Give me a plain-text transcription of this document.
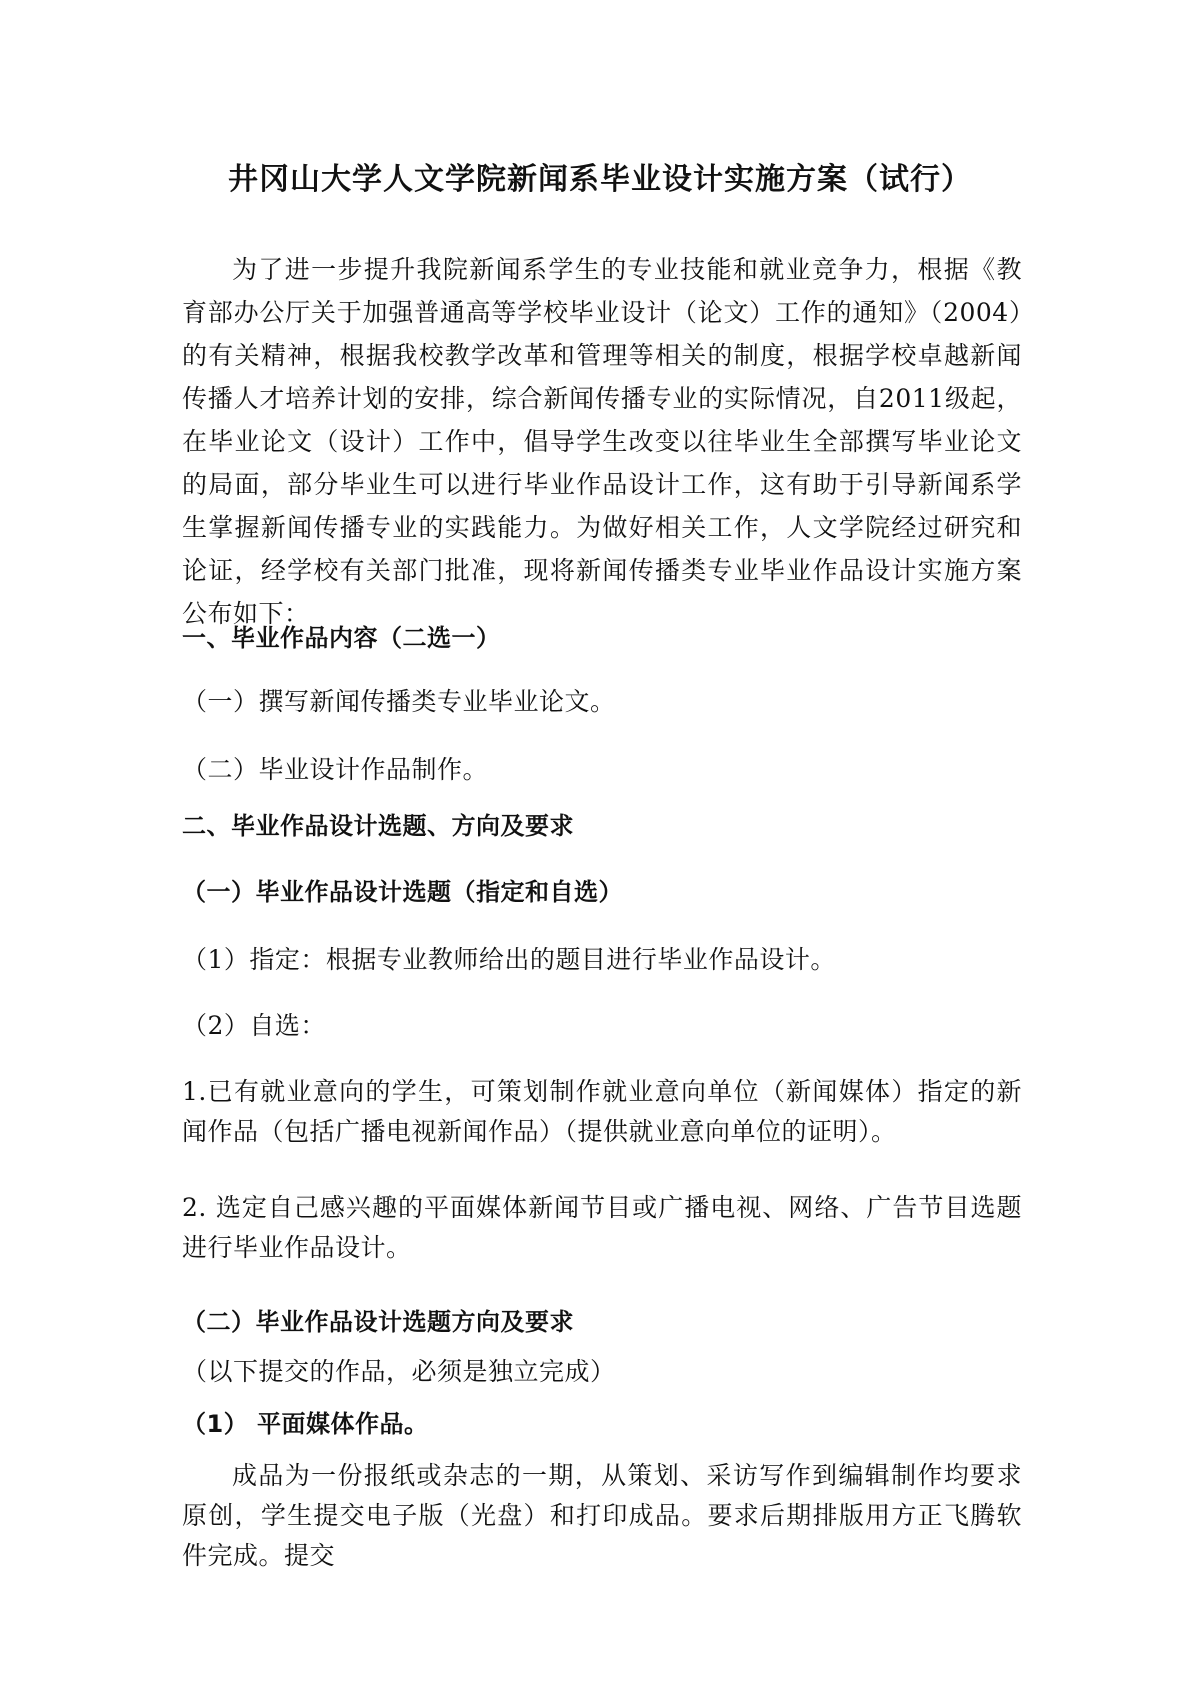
井冈山大学人文学院新闻系毕业设计实施方案（试行）

为了进一步提升我院新闻系学生的专业技能和就业竞争力，根据《教育部办公厅关于加强普通高等学校毕业设计（论文）工作的通知》（2004）的有关精神，根据我校教学改革和管理等相关的制度，根据学校卓越新闻传播人才培养计划的安排，综合新闻传播专业的实际情况，自2011级起，在毕业论文（设计）工作中，倡导学生改变以往毕业生全部撰写毕业论文的局面，部分毕业生可以进行毕业作品设计工作，这有助于引导新闻系学生掌握新闻传播专业的实践能力。为做好相关工作，人文学院经过研究和论证，经学校有关部门批准，现将新闻传播类专业毕业作品设计实施方案公布如下：

一、毕业作品内容（二选一）

（一）撰写新闻传播类专业毕业论文。

（二）毕业设计作品制作。

二、毕业作品设计选题、方向及要求

（一）毕业作品设计选题（指定和自选）

（1）指定：根据专业教师给出的题目进行毕业作品设计。

（2）自选：

1.已有就业意向的学生，可策划制作就业意向单位（新闻媒体）指定的新闻作品（包括广播电视新闻作品）（提供就业意向单位的证明）。

2. 选定自己感兴趣的平面媒体新闻节目或广播电视、网络、广告节目选题进行毕业作品设计。

（二）毕业作品设计选题方向及要求

（以下提交的作品，必须是独立完成）

（1） 平面媒体作品。

成品为一份报纸或杂志的一期，从策划、采访写作到编辑制作均要求原创，学生提交电子版（光盘）和打印成品。要求后期排版用方正飞腾软件完成。提交
